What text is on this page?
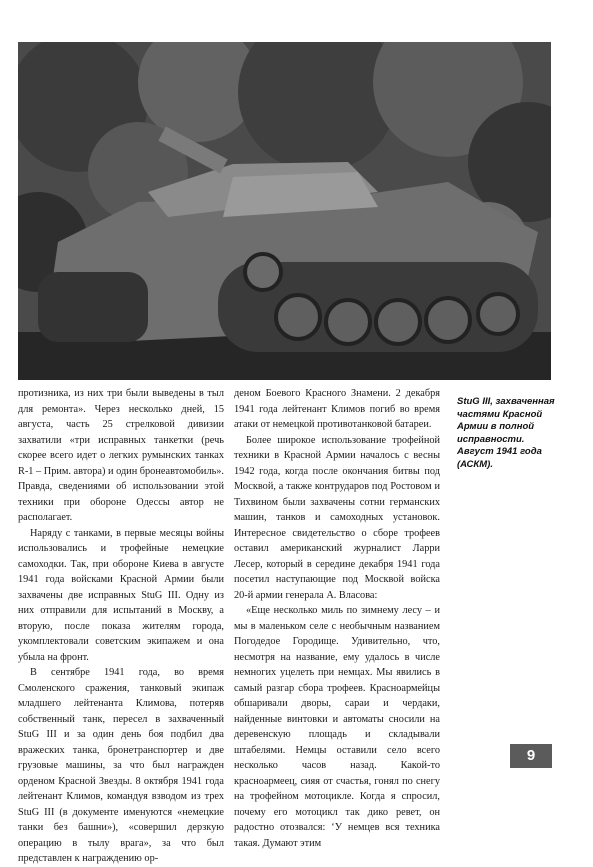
протизника, из них три были выведены в тыл для ремонта». Через несколько дней, 15 августа, часть 25 стрелковой дивизии захватили «три исправных танкетки (речь скорее всего идет о легких румынских танках R-1 – Прим. автора) и один бронеавтомобиль». Правда, сведениями об использовании этой техники при обороне Одессы автор не располагает.

Наряду с танками, в первые месяцы войны использовались и трофейные немецкие самоходки. Так, при обороне Киева в августе 1941 года войсками Красной Армии были захвачены две исправных StuG III. Одну из них отправили для испытаний в Москву, а вторую, после показа жителям города, укомплектовали советским экипажем и она убыла на фронт.

В сентябре 1941 года, во время Смоленского сражения, танковый экипаж младшего лейтенанта Климова, потеряв собственный танк, пересел в захваченный StuG III и за один день боя подбил два вражеских танка, бронетранспортер и две грузовые машины, за что был награжден орденом Красной Звезды. 8 октября 1941 года лейтенант Климов, командуя взводом из трех StuG III (в документе именуются «немецкие танки без башни»), «совершил дерзкую операцию в тылу врага», за что был представлен к награждению ор-

деном Боевого Красного Знамени. 2 декабря 1941 года лейтенант Климов погиб во время атаки от немецкой противотанковой батареи.

Более широкое использование трофейной техники в Красной Армии началось с весны 1942 года, когда после окончания битвы под Москвой, а также контрударов под Ростовом и Тихвином были захвачены сотни германских машин, танков и самоходных установок. Интересное свидетельство о сборе трофеев оставил американский журналист Ларри Лесер, который в середине декабря 1941 года посетил наступающие под Москвой войска 20-й армии генерала А. Власова:

«Еще несколько миль по зимнему лесу – и мы в маленьком селе с необычным названием Погодедое Городище. Удивительно, что, несмотря на название, ему удалось в числе немногих уцелеть при немцах. Мы явились в самый разгар сбора трофеев. Красноармейцы обшаривали дворы, сараи и чердаки, найденные винтовки и автоматы сносили на деревенскую площадь и складывали штабелями. Немцы оставили село всего несколько часов назад. Какой-то красноармеец, сияя от счастья, гонял по снегу на трофейном мотоцикле. Когда я спросил, почему его мотоцикл так дико ревет, он радостно отозвался: ‘У немцев вся техника такая. Думают этим

StuG III, захваченная частями Красной Армии в полной исправности. Август 1941 года (АСКМ).
9
